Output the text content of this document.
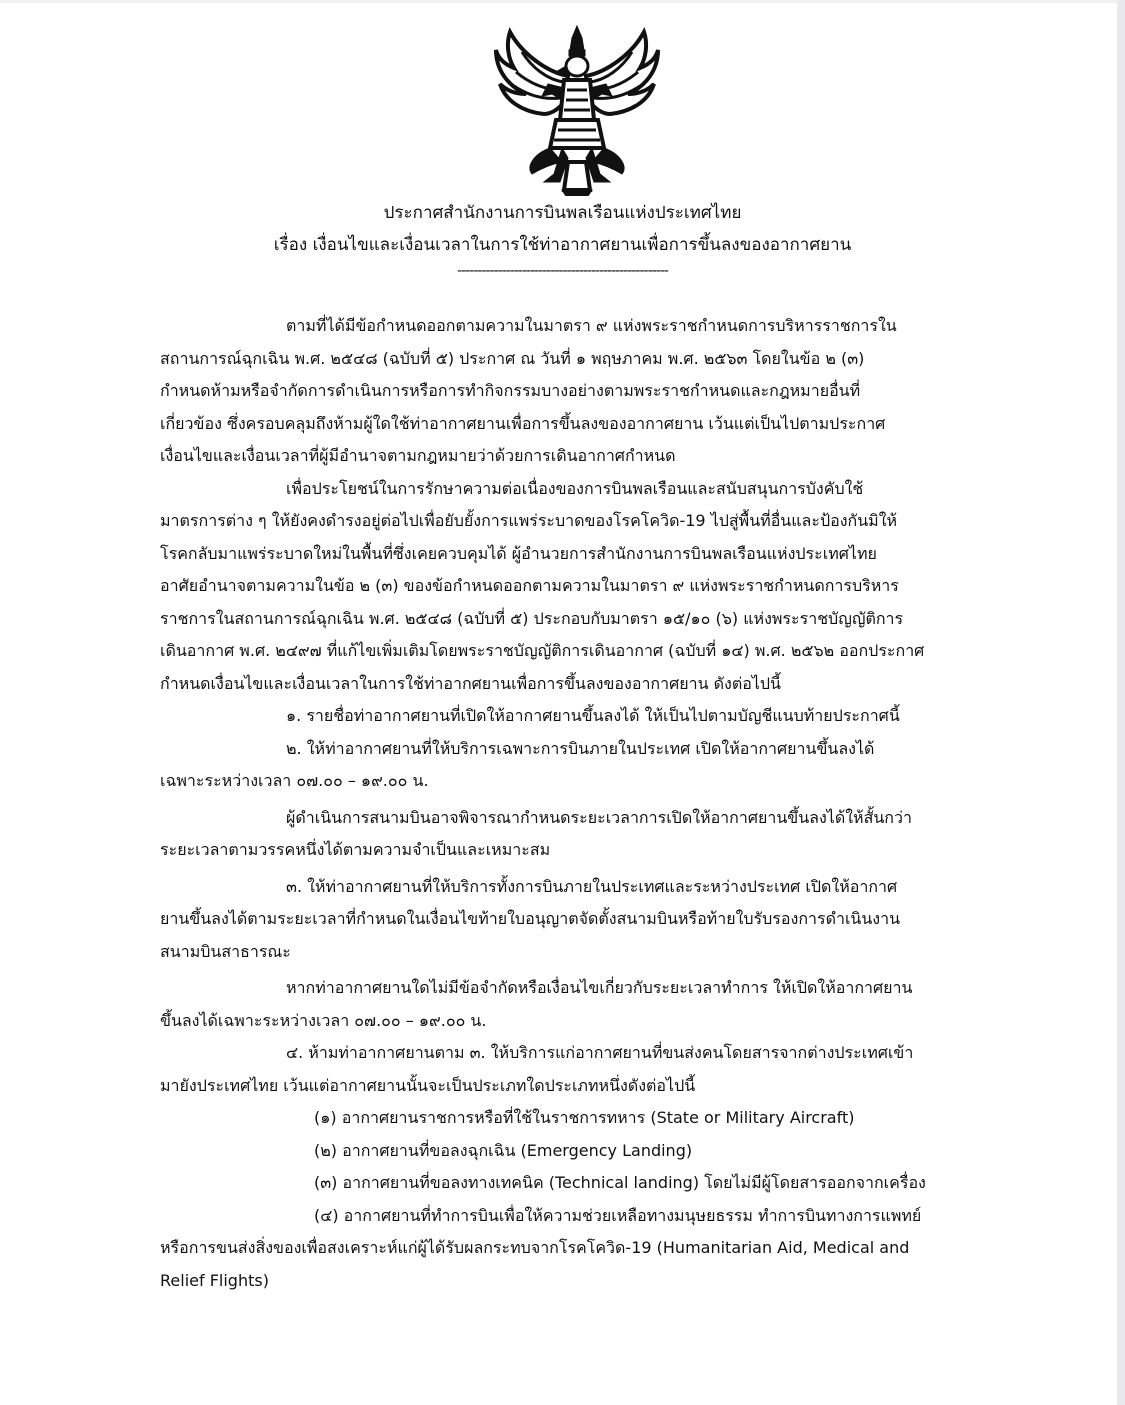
ประกาศสำนักงานการบินพลเรือนแห่งประเทศไทย
เรื่อง เงื่อนไขและเงื่อนเวลาในการใช้ท่าอากาศยานเพื่อการขึ้นลงของอากาศยาน
----------------------------------------------------

ตามที่ได้มีข้อกำหนดออกตามความในมาตรา ๙ แห่งพระราชกำหนดการบริหารราชการใน
สถานการณ์ฉุกเฉิน พ.ศ. ๒๕๔๘ (ฉบับที่ ๕) ประกาศ ณ วันที่ ๑ พฤษภาคม พ.ศ. ๒๕๖๓ โดยในข้อ ๒ (๓)
กำหนดห้ามหรือจำกัดการดำเนินการหรือการทำกิจกรรมบางอย่างตามพระราชกำหนดและกฎหมายอื่นที่
เกี่ยวข้อง ซึ่งครอบคลุมถึงห้ามผู้ใดใช้ท่าอากาศยานเพื่อการขึ้นลงของอากาศยาน เว้นแต่เป็นไปตามประกาศ
เงื่อนไขและเงื่อนเวลาที่ผู้มีอำนาจตามกฎหมายว่าด้วยการเดินอากาศกำหนด

เพื่อประโยชน์ในการรักษาความต่อเนื่องของการบินพลเรือนและสนับสนุนการบังคับใช้
มาตรการต่าง ๆ ให้ยังคงดำรงอยู่ต่อไปเพื่อยับยั้งการแพร่ระบาดของโรคโควิด-19 ไปสู่พื้นที่อื่นและป้องกันมิให้
โรคกลับมาแพร่ระบาดใหม่ในพื้นที่ซึ่งเคยควบคุมได้ ผู้อำนวยการสำนักงานการบินพลเรือนแห่งประเทศไทย
อาศัยอำนาจตามความในข้อ ๒ (๓) ของข้อกำหนดออกตามความในมาตรา ๙ แห่งพระราชกำหนดการบริหาร
ราชการในสถานการณ์ฉุกเฉิน พ.ศ. ๒๕๔๘ (ฉบับที่ ๕) ประกอบกับมาตรา ๑๕/๑๐ (๖) แห่งพระราชบัญญัติการ
เดินอากาศ พ.ศ. ๒๔๙๗ ที่แก้ไขเพิ่มเติมโดยพระราชบัญญัติการเดินอากาศ (ฉบับที่ ๑๔) พ.ศ. ๒๕๖๒ ออกประกาศ
กำหนดเงื่อนไขและเงื่อนเวลาในการใช้ท่าอากศยานเพื่อการขึ้นลงของอากาศยาน ดังต่อไปนี้

๑. รายชื่อท่าอากาศยานที่เปิดให้อากาศยานขึ้นลงได้ ให้เป็นไปตามบัญชีแนบท้ายประกาศนี้

๒. ให้ท่าอากาศยานที่ให้บริการเฉพาะการบินภายในประเทศ เปิดให้อากาศยานขึ้นลงได้
เฉพาะระหว่างเวลา ๐๗.๐๐ – ๑๙.๐๐ น.

ผู้ดำเนินการสนามบินอาจพิจารณากำหนดระยะเวลาการเปิดให้อากาศยานขึ้นลงได้ให้สั้นกว่า
ระยะเวลาตามวรรคหนึ่งได้ตามความจำเป็นและเหมาะสม

๓. ให้ท่าอากาศยานที่ให้บริการทั้งการบินภายในประเทศและระหว่างประเทศ เปิดให้อากาศ
ยานขึ้นลงได้ตามระยะเวลาที่กำหนดในเงื่อนไขท้ายใบอนุญาตจัดตั้งสนามบินหรือท้ายใบรับรองการดำเนินงาน
สนามบินสาธารณะ

หากท่าอากาศยานใดไม่มีข้อจำกัดหรือเงื่อนไขเกี่ยวกับระยะเวลาทำการ ให้เปิดให้อากาศยาน
ขึ้นลงได้เฉพาะระหว่างเวลา ๐๗.๐๐ – ๑๙.๐๐ น.

๔. ห้ามท่าอากาศยานตาม ๓. ให้บริการแก่อากาศยานที่ขนส่งคนโดยสารจากต่างประเทศเข้า
มายังประเทศไทย เว้นแต่อากาศยานนั้นจะเป็นประเภทใดประเภทหนึ่งดังต่อไปนี้

(๑) อากาศยานราชการหรือที่ใช้ในราชการทหาร (State or Military Aircraft)

(๒) อากาศยานที่ขอลงฉุกเฉิน (Emergency Landing)

(๓) อากาศยานที่ขอลงทางเทคนิค (Technical landing) โดยไม่มีผู้โดยสารออกจากเครื่อง

(๔) อากาศยานที่ทำการบินเพื่อให้ความช่วยเหลือทางมนุษยธรรม ทำการบินทางการแพทย์
หรือการขนส่งสิ่งของเพื่อสงเคราะห์แก่ผู้ได้รับผลกระทบจากโรคโควิด-19 (Humanitarian Aid, Medical and
Relief Flights)
